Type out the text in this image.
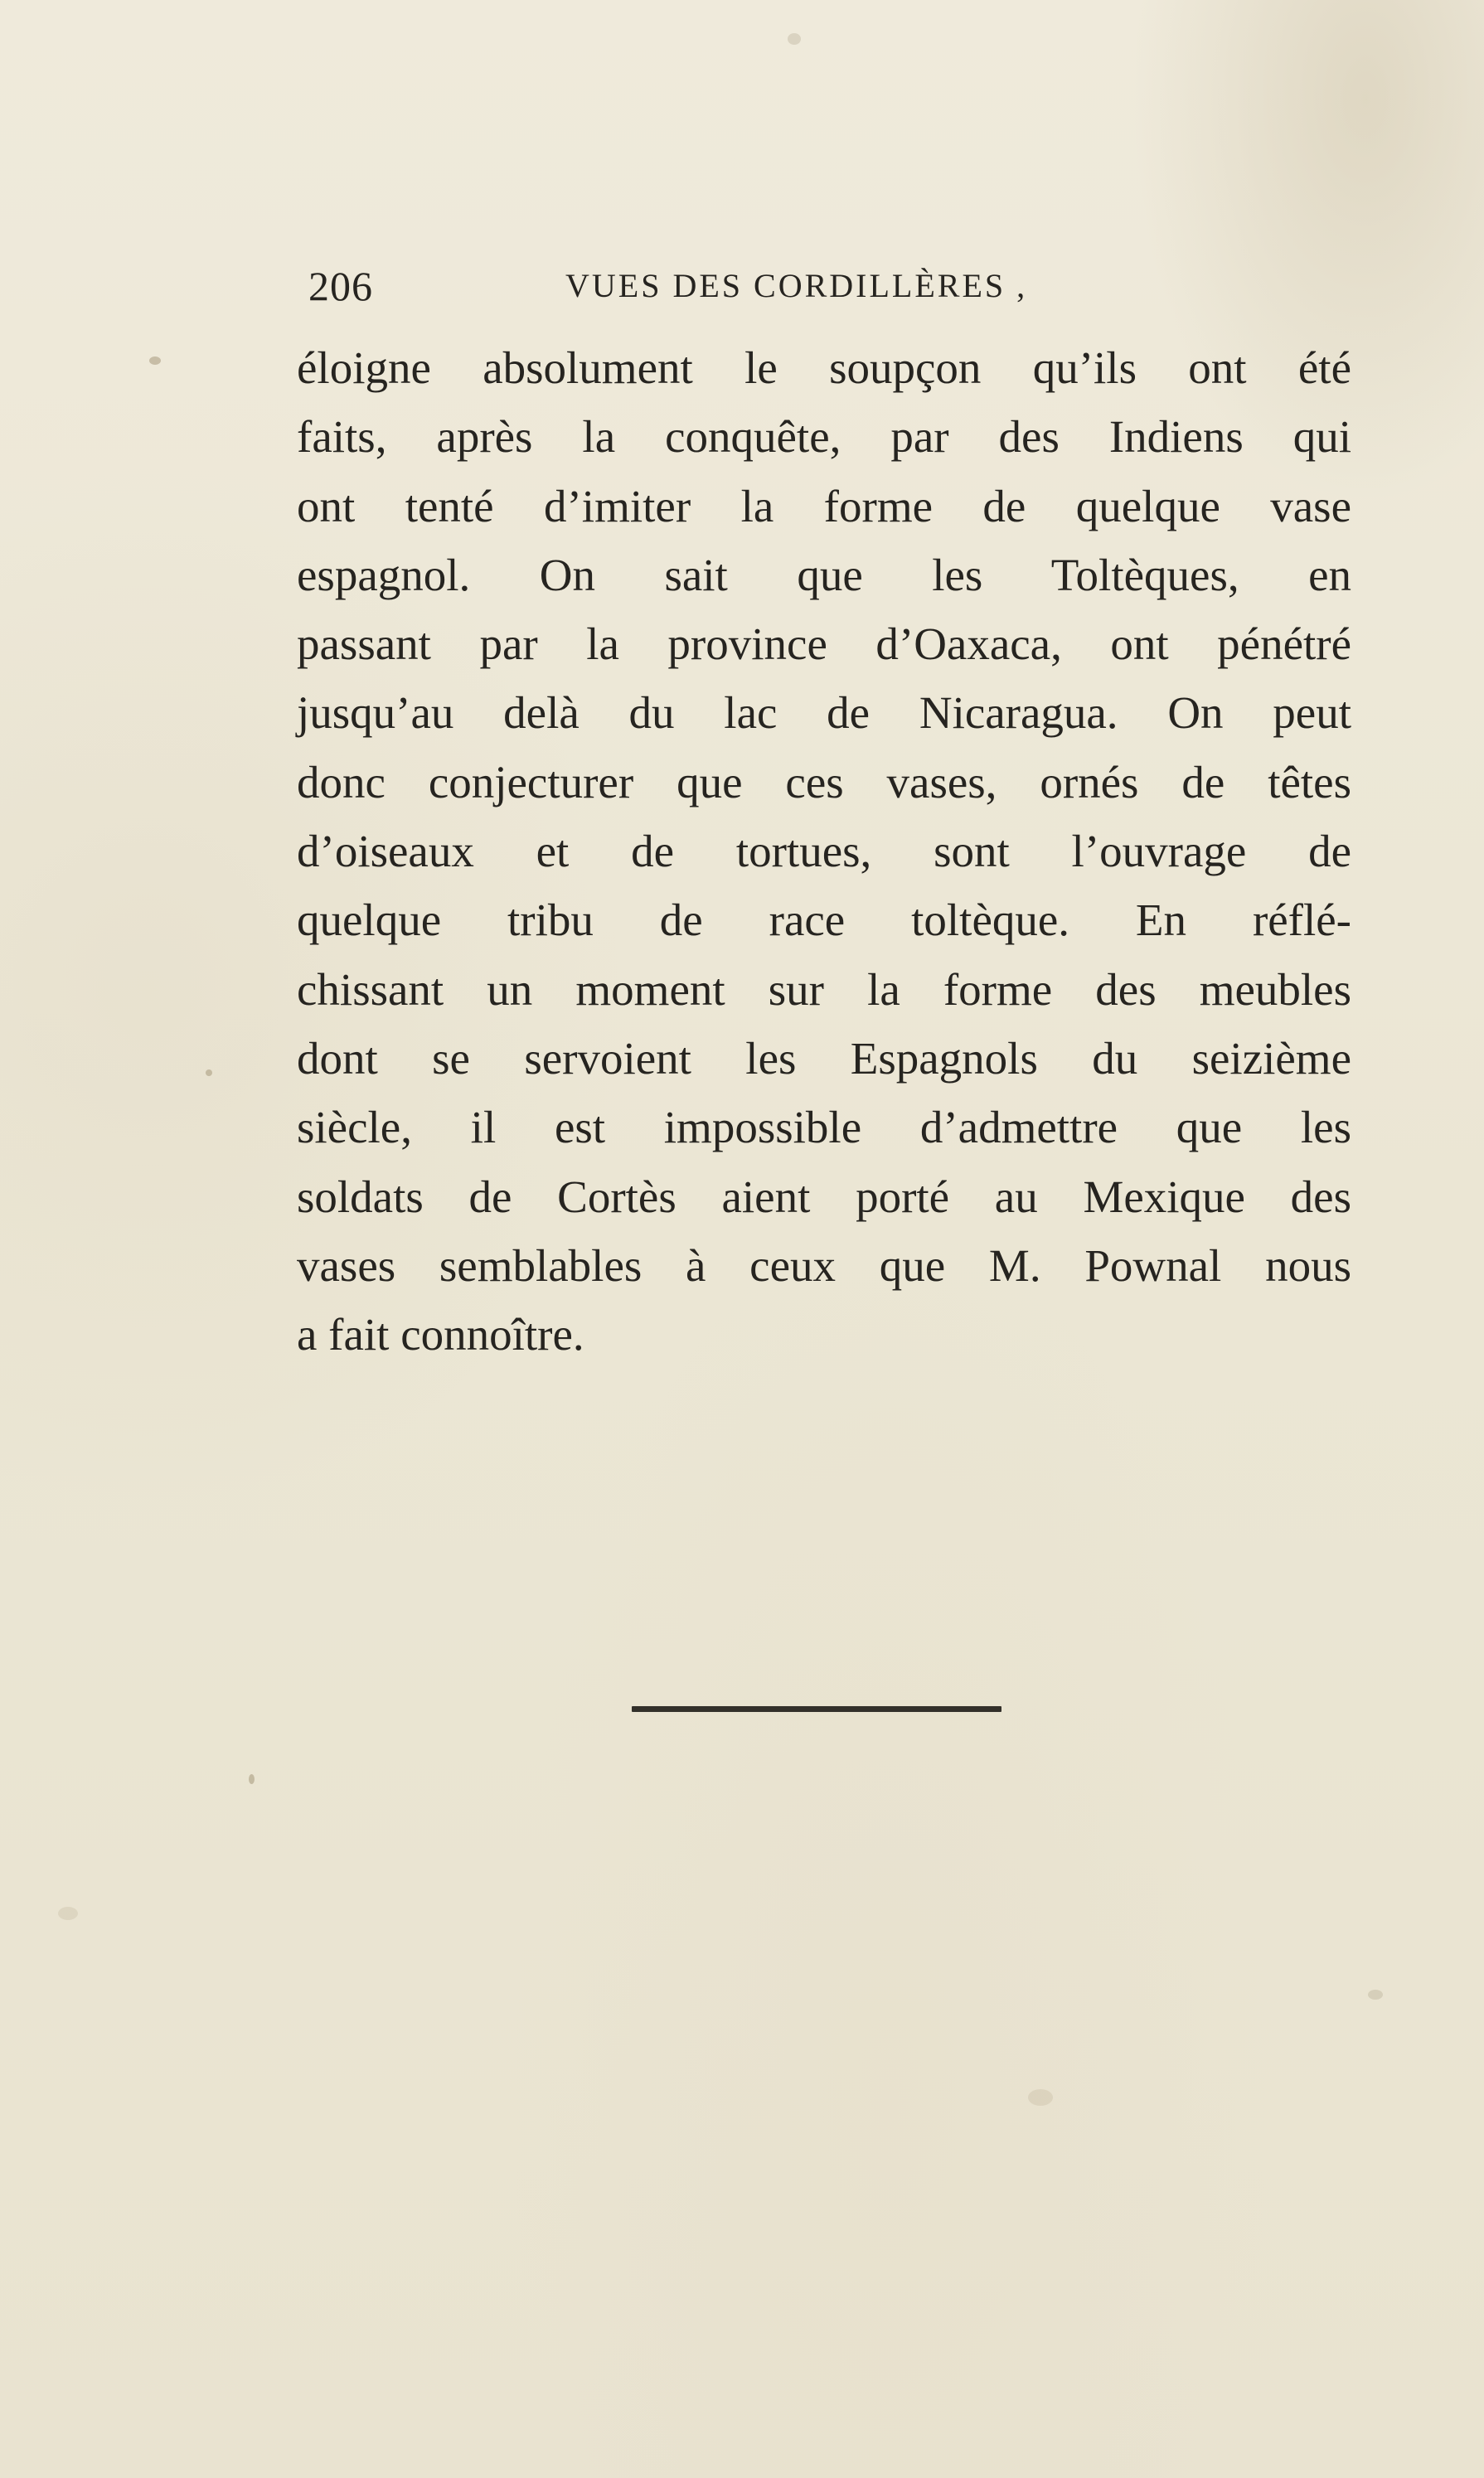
206	VUES DES CORDILLÈRES ,
éloigne absolument le soupçon qu’ils ont été
faits, après la conquête, par des Indiens qui
ont tenté d’imiter la forme de quelque vase
espagnol. On sait que les Toltèques, en
passant par la province d’Oaxaca, ont pénétré
jusqu’au delà du lac de Nicaragua. On peut
donc conjecturer que ces vases, ornés de têtes
d’oiseaux et de tortues, sont l’ouvrage de
quelque tribu de race toltèque. En réflé-
chissant un moment sur la forme des meubles
dont se servoient les Espagnols du seizième
siècle, il est impossible d’admettre que les
soldats de Cortès aient porté au Mexique des
vases semblables à ceux que M. Pownal nous
a fait connoître.
